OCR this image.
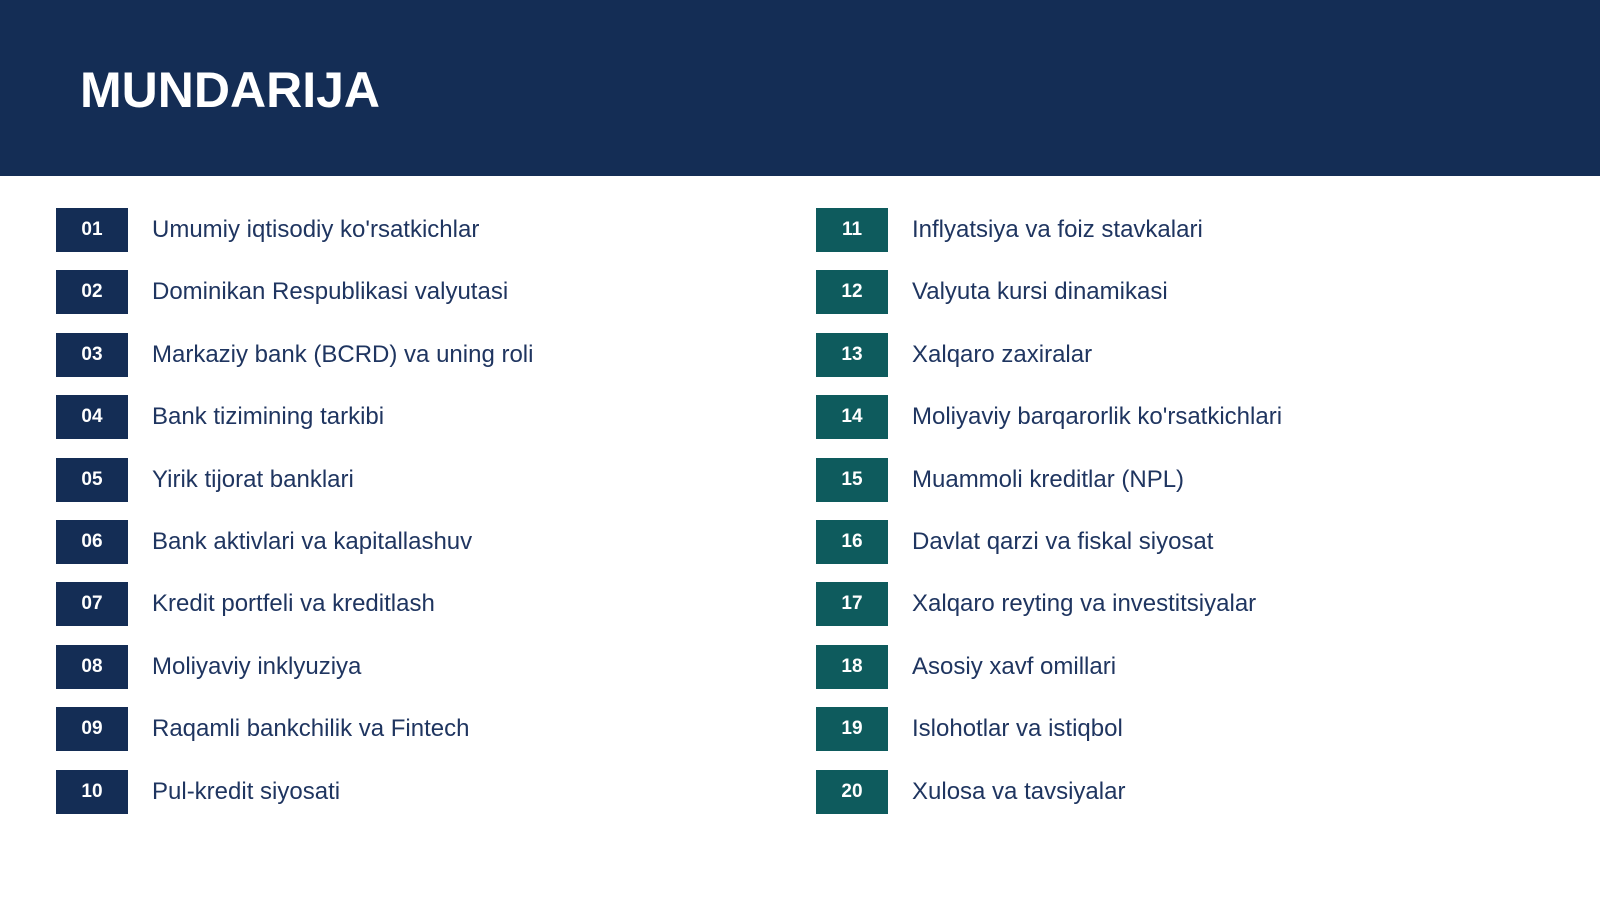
MUNDARIJA
01	Umumiy iqtisodiy ko'rsatkichlar
02	Dominikan Respublikasi valyutasi
03	Markaziy bank (BCRD) va uning roli
04	Bank tizimining tarkibi
05	Yirik tijorat banklari
06	Bank aktivlari va kapitallashuv
07	Kredit portfeli va kreditlash
08	Moliyaviy inklyuziya
09	Raqamli bankchilik va Fintech
10	Pul-kredit siyosati
11	Inflyatsiya va foiz stavkalari
12	Valyuta kursi dinamikasi
13	Xalqaro zaxiralar
14	Moliyaviy barqarorlik ko'rsatkichlari
15	Muammoli kreditlar (NPL)
16	Davlat qarzi va fiskal siyosat
17	Xalqaro reyting va investitsiyalar
18	Asosiy xavf omillari
19	Islohotlar va istiqbol
20	Xulosa va tavsiyalar
